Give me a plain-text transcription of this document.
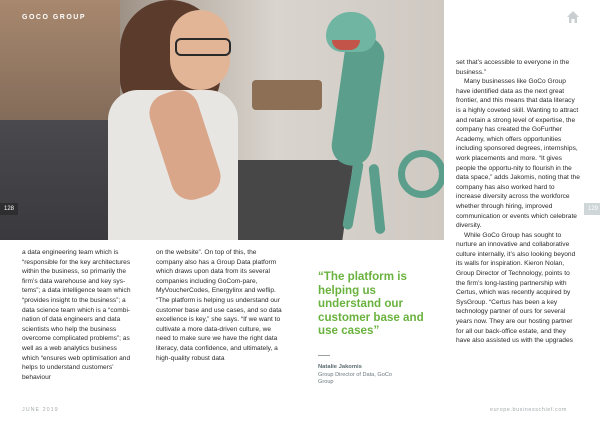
GOCO GROUP
128	129

a data engineering team which is “responsible for the key architectures within the business, so primarily the firm’s data warehouse and key sys-tems”; a data intelligence team which “provides insight to the business”; a data science team which is a “combi-nation of data engineers and data scientists who help the business overcome complicated problems”; as well as a web analytics business which “ensures web optimisation and helps to understand customers’ behaviour

on the website”. On top of this, the company also has a Group Data platform which draws upon data from its several companies including GoCom-pare, MyVoucherCodes, Energylinx and weflip. “The platform is helping us understand our customer base and use cases, and so data excellence is key,” she says. “If we want to cultivate a more data-driven culture, we need to make sure we have the right data literacy, data confidence, and ultimately, a high-quality robust data

set that’s accessible to everyone in the business.”

Many businesses like GoCo Group have identified data as the next great frontier, and this means that data literacy is a highly coveted skill. Wanting to attract and retain a strong level of expertise, the company has created the GoFurther Academy, which offers opportunities including sponsored degrees, internships, work placements and more. “It gives people the opportu-nity to flourish in the data space,” adds Jakomis, noting that the company has also worked hard to increase diversity across the workforce whether through hiring, improved communication or events which celebrate diversity.

While GoCo Group has sought to nurture an innovative and collaborative culture internally, it’s also looking beyond its walls for inspiration. Kieron Nolan, Group Director of Technology, points to the firm’s long-lasting partnership with Certus, which was recently acquired by SysGroup. “Certus has been a key technology partner of ours for several years now. They are our hosting partner for all our back-office estate, and they have also assisted us with the upgrades

“The platform is helping us understand our customer base and use cases”
Natalie Jakomis
Group Director of Data, GoCo Group
JUNE 2019	europe.businesschief.com
